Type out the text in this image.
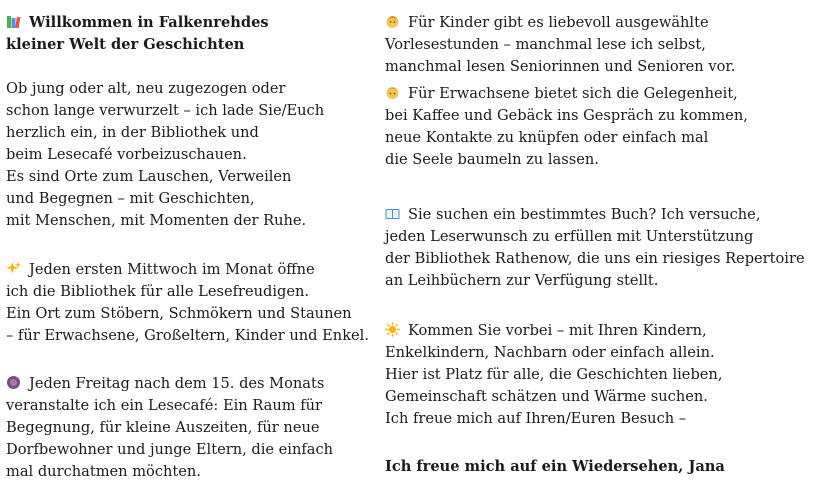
Willkommen in Falkenrehdes
kleiner Welt der Geschichten
Ob jung oder alt, neu zugezogen oder
schon lange verwurzelt – ich lade Sie/Euch
herzlich ein, in der Bibliothek und
beim Lesecafé vorbeizuschauen.
Es sind Orte zum Lauschen, Verweilen
und Begegnen – mit Geschichten,
mit Menschen, mit Momenten der Ruhe.
Jeden ersten Mittwoch im Monat öffne
ich die Bibliothek für alle Lesefreudigen.
Ein Ort zum Stöbern, Schmökern und Staunen
– für Erwachsene, Großeltern, Kinder und Enkel.
Jeden Freitag nach dem 15. des Monats
veranstalte ich ein Lesecafé: Ein Raum für
Begegnung, für kleine Auszeiten, für neue
Dorfbewohner und junge Eltern, die einfach
mal durchatmen möchten.
Für Kinder gibt es liebevoll ausgewählte
Vorlesestunden – manchmal lese ich selbst,
manchmal lesen Seniorinnen und Senioren vor.
Für Erwachsene bietet sich die Gelegenheit,
bei Kaffee und Gebäck ins Gespräch zu kommen,
neue Kontakte zu knüpfen oder einfach mal
die Seele baumeln zu lassen.
Sie suchen ein bestimmtes Buch? Ich versuche,
jeden Leserwunsch zu erfüllen mit Unterstützung
der Bibliothek Rathenow, die uns ein riesiges Repertoire
an Leihbüchern zur Verfügung stellt.
Kommen Sie vorbei – mit Ihren Kindern,
Enkelkindern, Nachbarn oder einfach allein.
Hier ist Platz für alle, die Geschichten lieben,
Gemeinschaft schätzen und Wärme suchen.
Ich freue mich auf Ihren/Euren Besuch –
Ich freue mich auf ein Wiedersehen, Jana
